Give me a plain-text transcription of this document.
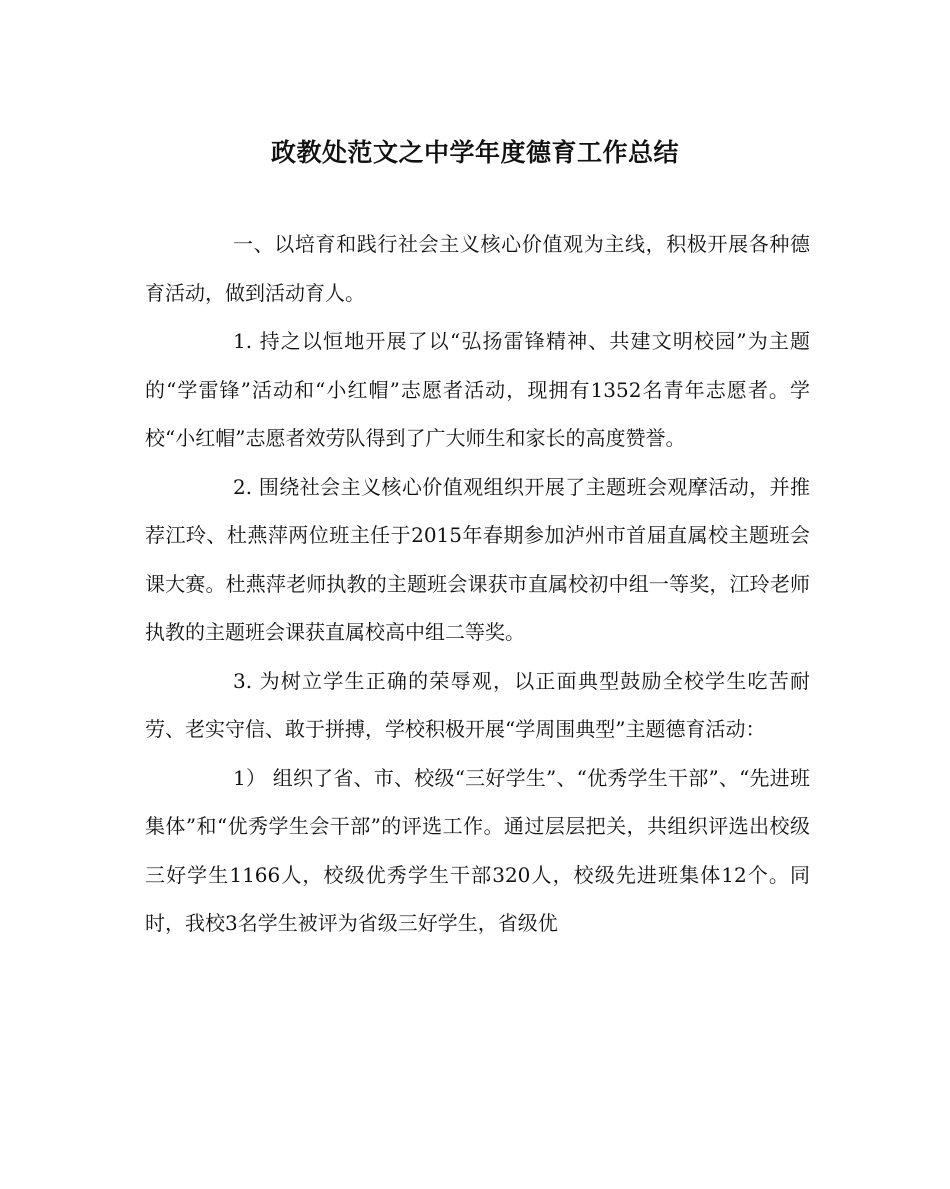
政教处范文之中学年度德育工作总结

一、以培育和践行社会主义核心价值观为主线，积极开展各种德育活动，做到活动育人。

1. 持之以恒地开展了以“弘扬雷锋精神、共建文明校园”为主题的“学雷锋”活动和“小红帽”志愿者活动，现拥有1352名青年志愿者。学校“小红帽”志愿者效劳队得到了广大师生和家长的高度赞誉。

2. 围绕社会主义核心价值观组织开展了主题班会观摩活动，并推荐江玲、杜燕萍两位班主任于2015年春期参加泸州市首届直属校主题班会课大赛。杜燕萍老师执教的主题班会课获市直属校初中组一等奖，江玲老师执教的主题班会课获直属校高中组二等奖。

3. 为树立学生正确的荣辱观，以正面典型鼓励全校学生吃苦耐劳、老实守信、敢于拼搏，学校积极开展“学周围典型”主题德育活动：

1） 组织了省、市、校级“三好学生”、“优秀学生干部”、“先进班集体”和“优秀学生会干部”的评选工作。通过层层把关，共组织评选出校级三好学生1166人，校级优秀学生干部320人，校级先进班集体12个。同时，我校3名学生被评为省级三好学生，省级优
